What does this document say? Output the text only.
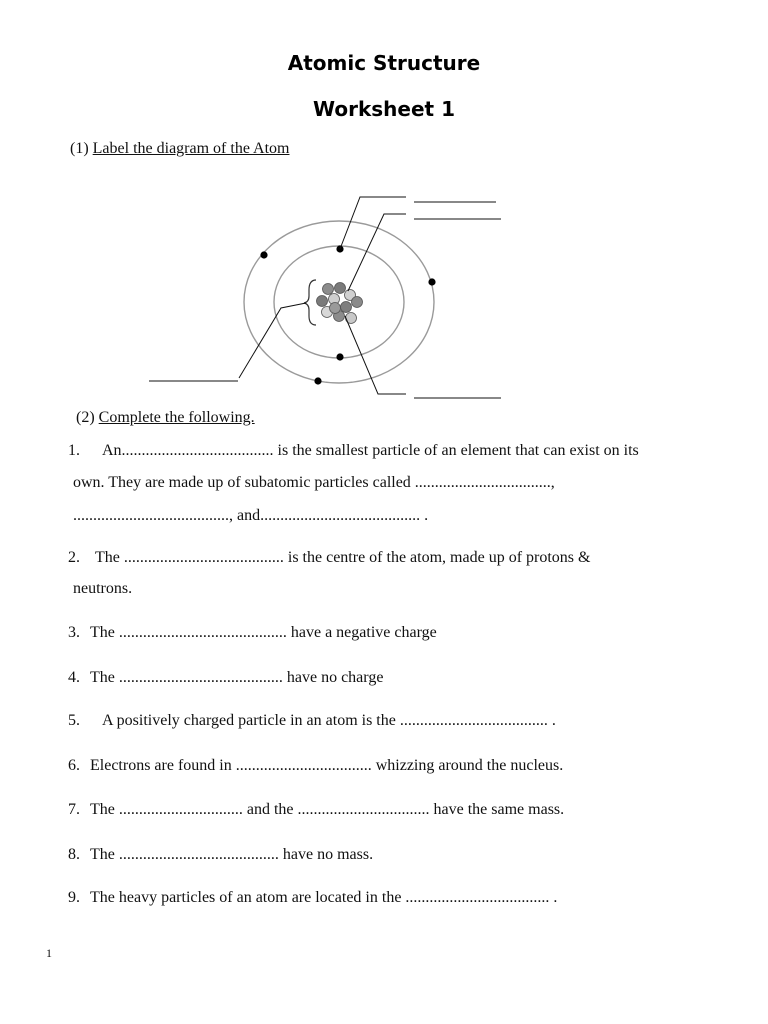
Atomic Structure
Worksheet 1
(1) Label the diagram of the Atom
(2) Complete the following.
1. An...................................... is the smallest particle of an element that can exist on its
own. They are made up of subatomic particles called ..................................,
......................................., and........................................ .
2. The ........................................ is the centre of the atom, made up of protons &
neutrons.
3. The .......................................... have a negative charge
4. The ......................................... have no charge
5. A positively charged particle in an atom is the ..................................... .
6. Electrons are found in .................................. whizzing around the nucleus.
7. The ............................... and the ................................. have the same mass.
8. The ........................................ have no mass.
9. The heavy particles of an atom are located in the .................................... .
1
